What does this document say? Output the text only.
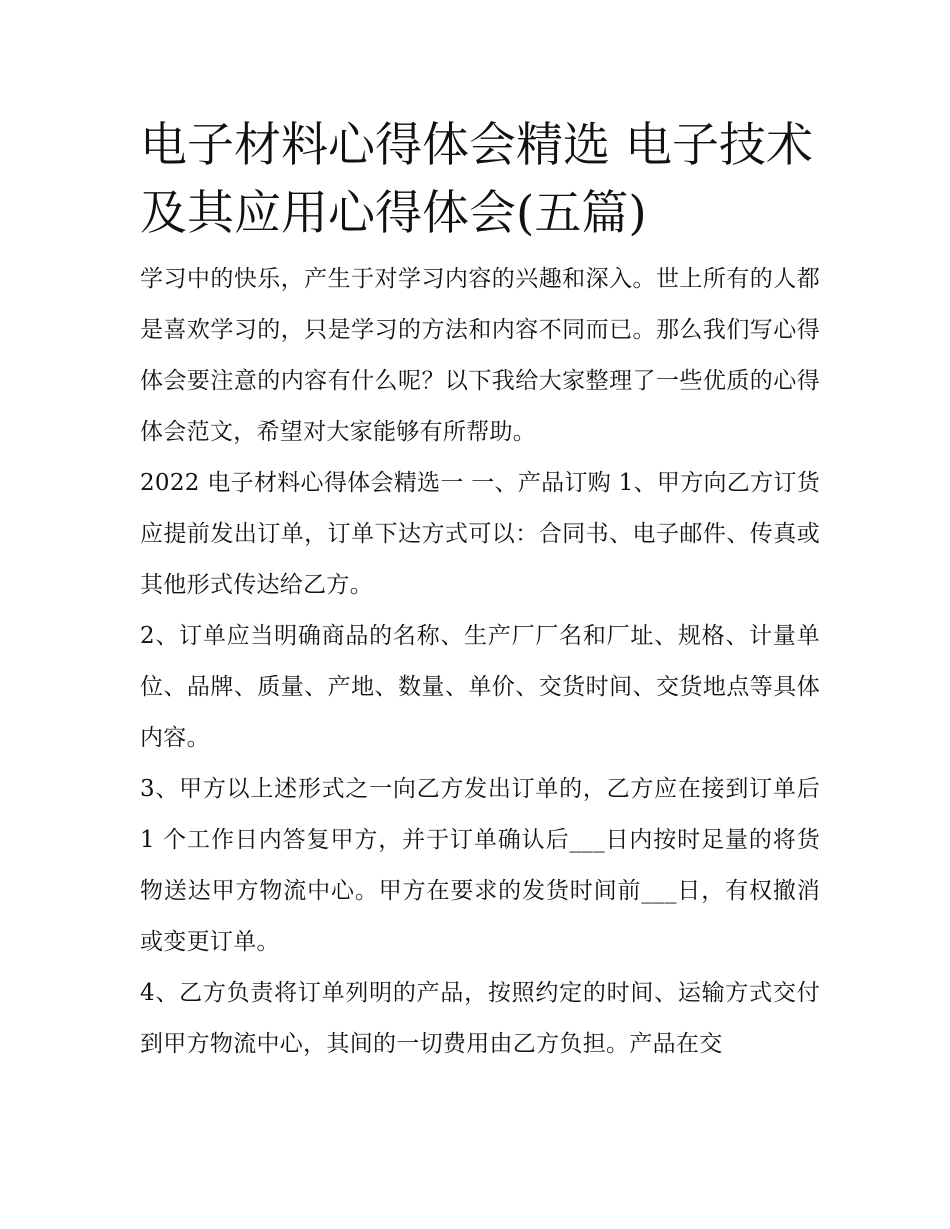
电子材料心得体会精选 电子技术及其应用心得体会(五篇)

学习中的快乐，产生于对学习内容的兴趣和深入。世上所有的人都是喜欢学习的，只是学习的方法和内容不同而已。那么我们写心得体会要注意的内容有什么呢？以下我给大家整理了一些优质的心得体会范文，希望对大家能够有所帮助。

2022 电子材料心得体会精选一 一、产品订购 1、甲方向乙方订货应提前发出订单，订单下达方式可以：合同书、电子邮件、传真或其他形式传达给乙方。

2、订单应当明确商品的名称、生产厂厂名和厂址、规格、计量单位、品牌、质量、产地、数量、单价、交货时间、交货地点等具体内容。

3、甲方以上述形式之一向乙方发出订单的，乙方应在接到订单后 1 个工作日内答复甲方，并于订单确认后___日内按时足量的将货物送达甲方物流中心。甲方在要求的发货时间前___日，有权撤消或变更订单。

4、乙方负责将订单列明的产品，按照约定的时间、运输方式交付到甲方物流中心，其间的一切费用由乙方负担。产品在交
